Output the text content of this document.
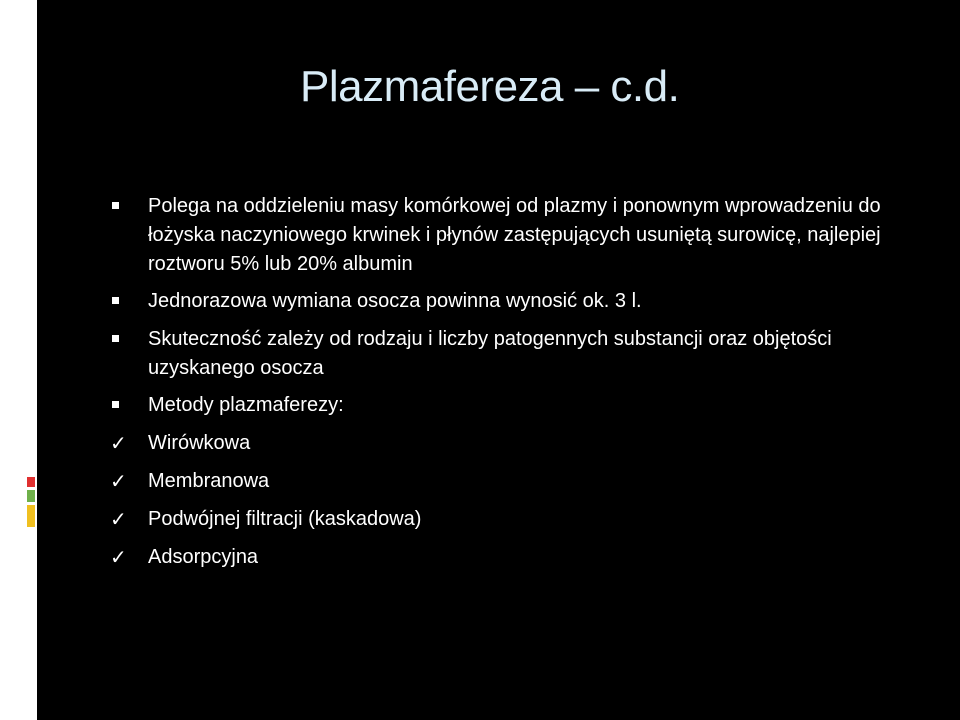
Plazmafereza – c.d.
Polega na oddzieleniu masy komórkowej od plazmy i ponownym wprowadzeniu do łożyska naczyniowego krwinek i płynów zastępujących usuniętą surowicę, najlepiej roztworu 5% lub 20% albumin
Jednorazowa wymiana osocza powinna wynosić ok. 3 l.
Skuteczność zależy od rodzaju i liczby patogennych substancji oraz objętości uzyskanego osocza
Metody plazmaferezy:
✓ Wirówkowa
✓ Membranowa
✓ Podwójnej filtracji (kaskadowa)
✓ Adsorpcyjna
